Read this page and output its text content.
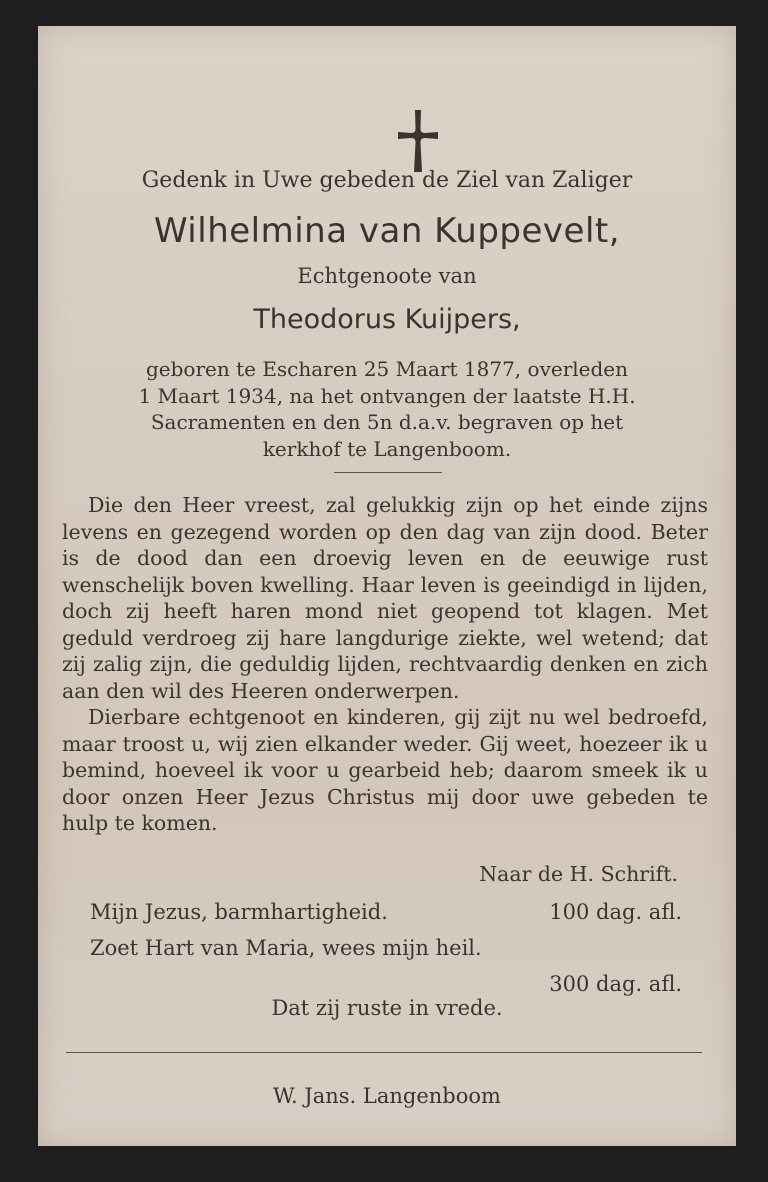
Gedenk in Uwe gebeden de Ziel van Zaliger
Wilhelmina van Kuppevelt,
Echtgenoote van
Theodorus Kuijpers,
geboren te Escharen 25 Maart 1877, overleden
1 Maart 1934, na het ontvangen der laatste H.H.
Sacramenten en den 5n d.a.v. begraven op het
kerkhof te Langenboom.

Die den Heer vreest, zal gelukkig zijn op het einde zijns levens en gezegend worden op den dag van zijn dood. Beter is de dood dan een droevig leven en de eeuwige rust wenschelijk boven kwelling. Haar leven is geeindigd in lijden, doch zij heeft haren mond niet geopend tot klagen. Met geduld verdroeg zij hare langdurige ziekte, wel wetend; dat zij zalig zijn, die geduldig lijden, rechtvaardig denken en zich aan den wil des Heeren onderwerpen.

Dierbare echtgenoot en kinderen, gij zijt nu wel bedroefd, maar troost u, wij zien elkander weder. Gij weet, hoezeer ik u bemind, hoeveel ik voor u gearbeid heb; daarom smeek ik u door onzen Heer Jezus Christus mij door uwe gebeden te hulp te komen.

Naar de H. Schrift.
Mijn Jezus, barmhartigheid.	100 dag. afl.
Zoet Hart van Maria, wees mijn heil.
300 dag. afl.
Dat zij ruste in vrede.
W. Jans. Langenboom
